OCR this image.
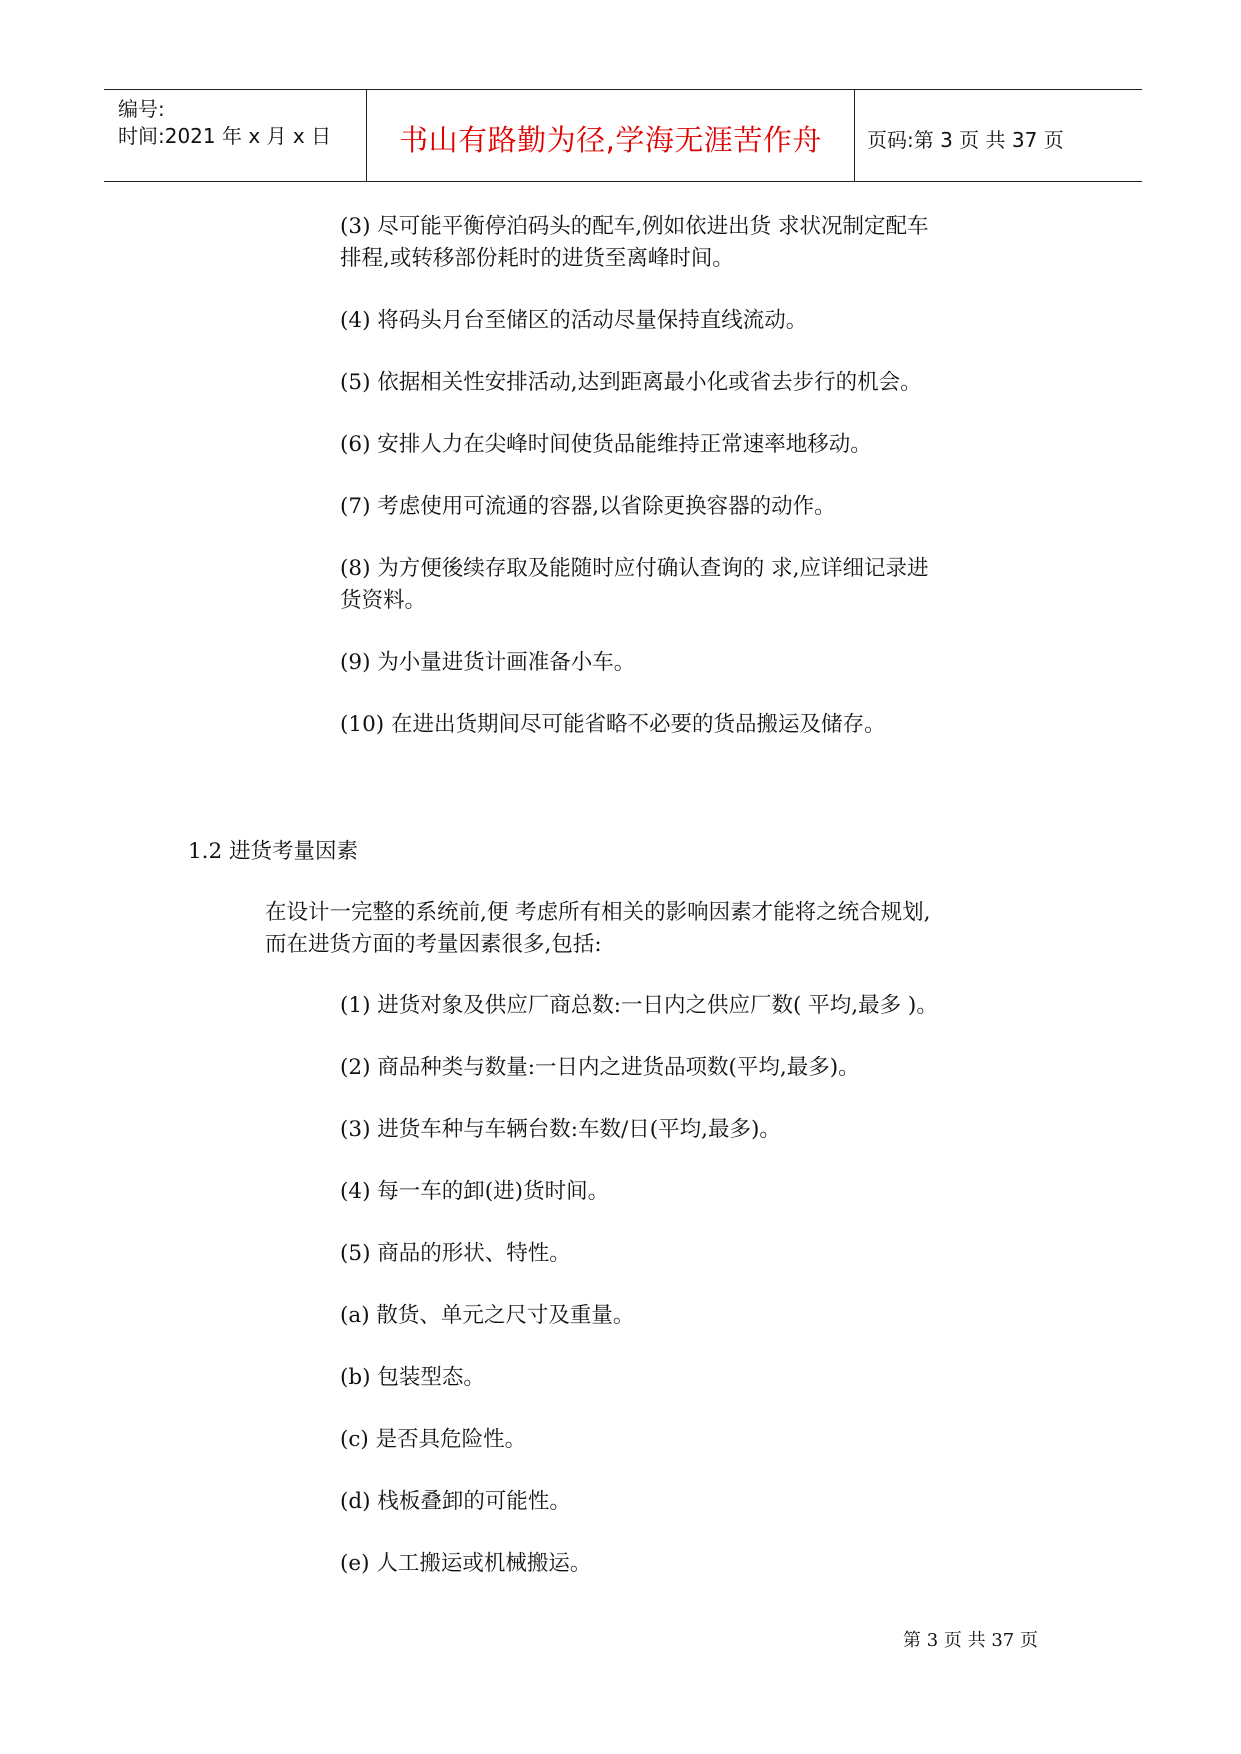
编号:
时间:2021 年 x 月 x 日	书山有路勤为径,学海无涯苦作舟	页码:第 3 页 共 37 页
(3) 尽可能平衡停泊码头的配车,例如依进出货 求状况制定配车
排程,或转移部份耗时的进货至离峰时间。
(4) 将码头月台至储区的活动尽量保持直线流动。
(5) 依据相关性安排活动,达到距离最小化或省去步行的机会。
(6) 安排人力在尖峰时间使货品能维持正常速率地移动。
(7) 考虑使用可流通的容器,以省除更换容器的动作。
(8) 为方便後续存取及能随时应付确认查询的 求,应详细记录进
货资料。
(9) 为小量进货计画准备小车。
(10) 在进出货期间尽可能省略不必要的货品搬运及储存。
1.2 进货考量因素
在设计一完整的系统前,便 考虑所有相关的影响因素才能将之统合规划,
而在进货方面的考量因素很多,包括:
(1) 进货对象及供应厂商总数:一日内之供应厂数( 平均,最多 )。
(2) 商品种类与数量:一日内之进货品项数(平均,最多)。
(3) 进货车种与车辆台数:车数/日(平均,最多)。
(4) 每一车的卸(进)货时间。
(5) 商品的形状、特性。
(a) 散货、单元之尺寸及重量。
(b) 包装型态。
(c) 是否具危险性。
(d) 栈板叠卸的可能性。
(e) 人工搬运或机械搬运。
第 3 页 共 37 页
